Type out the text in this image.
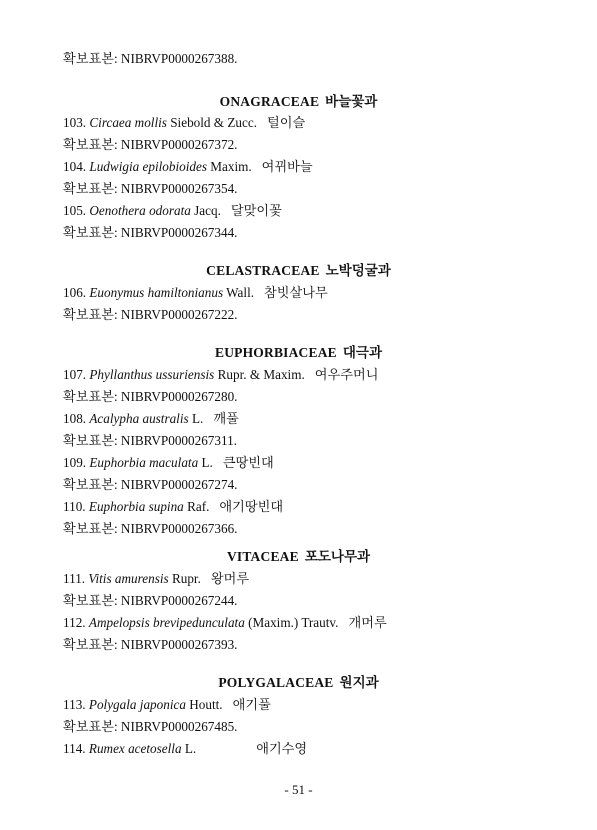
확보표본: NIBRVP0000267388.
ONAGRACEAE 바늘꽃과
103. Circaea mollis Siebold & Zucc. 털이슬
확보표본: NIBRVP0000267372.
104. Ludwigia epilobioides Maxim. 여뀌바늘
확보표본: NIBRVP0000267354.
105. Oenothera odorata Jacq. 달맞이꽃
확보표본: NIBRVP0000267344.
CELASTRACEAE 노박덩굴과
106. Euonymus hamiltonianus Wall. 참빗살나무
확보표본: NIBRVP0000267222.
EUPHORBIACEAE 대극과
107. Phyllanthus ussuriensis Rupr. & Maxim. 여우주머니
확보표본: NIBRVP0000267280.
108. Acalypha australis L. 깨풀
확보표본: NIBRVP0000267311.
109. Euphorbia maculata L. 큰땅빈대
확보표본: NIBRVP0000267274.
110. Euphorbia supina Raf. 애기땅빈대
확보표본: NIBRVP0000267366.
VITACEAE 포도나무과
111. Vitis amurensis Rupr. 왕머루
확보표본: NIBRVP0000267244.
112. Ampelopsis brevipedunculata (Maxim.) Trautv. 개머루
확보표본: NIBRVP0000267393.
POLYGALACEAE 원지과
113. Polygala japonica Houtt. 애기풀
확보표본: NIBRVP0000267485.
114. Rumex acetosella L.	애기수영
- 51 -
